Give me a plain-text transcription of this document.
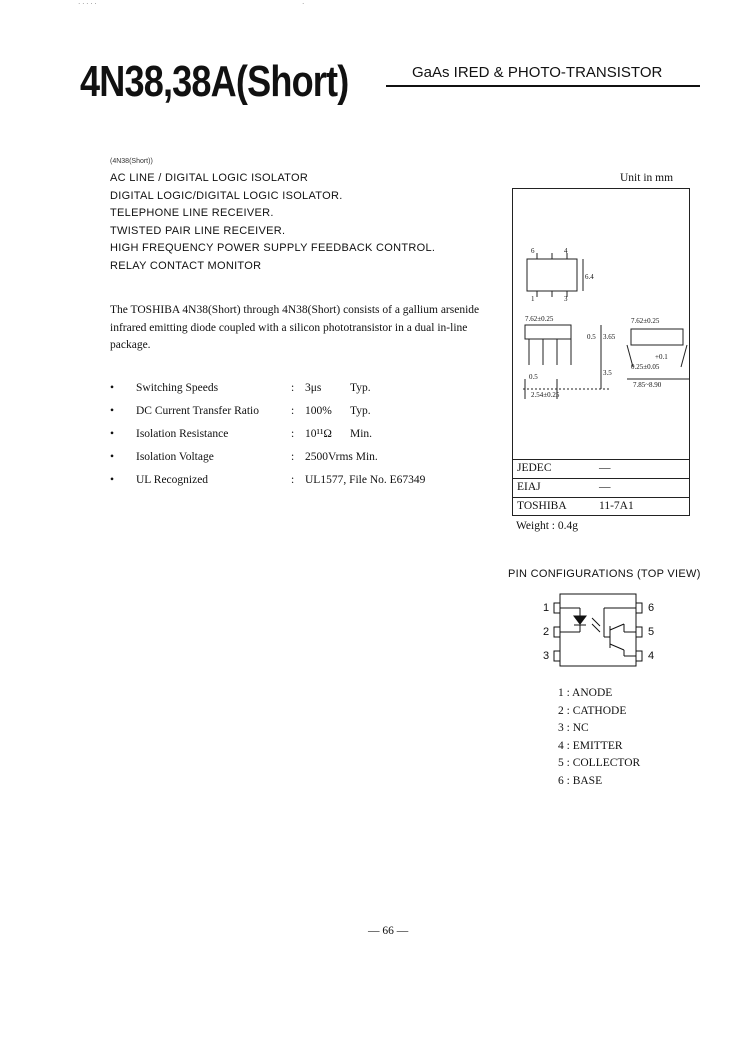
· · · · ·	·
4N38,38A(Short)	GaAs IRED & PHOTO-TRANSISTOR
(4N38(Short))
AC LINE / DIGITAL LOGIC ISOLATOR
DIGITAL LOGIC/DIGITAL LOGIC ISOLATOR.
TELEPHONE LINE RECEIVER.
TWISTED PAIR LINE RECEIVER.
HIGH FREQUENCY POWER SUPPLY FEEDBACK CONTROL.
RELAY CONTACT MONITOR
The TOSHIBA 4N38(Short) through 4N38(Short) consists of a gallium arsenide infrared emitting diode coupled with a silicon phototransistor in a dual in-line package.
• Switching Speeds	: 3μs Typ.
• DC Current Transfer Ratio	: 100% Typ.
• Isolation Resistance	: 10¹¹Ω Min.
• Isolation Voltage	: 2500Vrms Min.
• UL Recognized	: UL1577, File No. E67349
Unit in mm
6	4
1	3
6.4
7.62±0.25
3.65
0.5
3.5
0.5
2.54±0.25
7.62±0.25
+0.1
0.25±0.05
7.85~8.90
JEDEC	—
EIAJ	—
TOSHIBA	11-7A1
Weight : 0.4g
PIN CONFIGURATIONS (TOP VIEW)
1
2
3	4
5
6
1 : ANODE
2 : CATHODE
3 : NC
4 : EMITTER
5 : COLLECTOR
6 : BASE
— 66 —
